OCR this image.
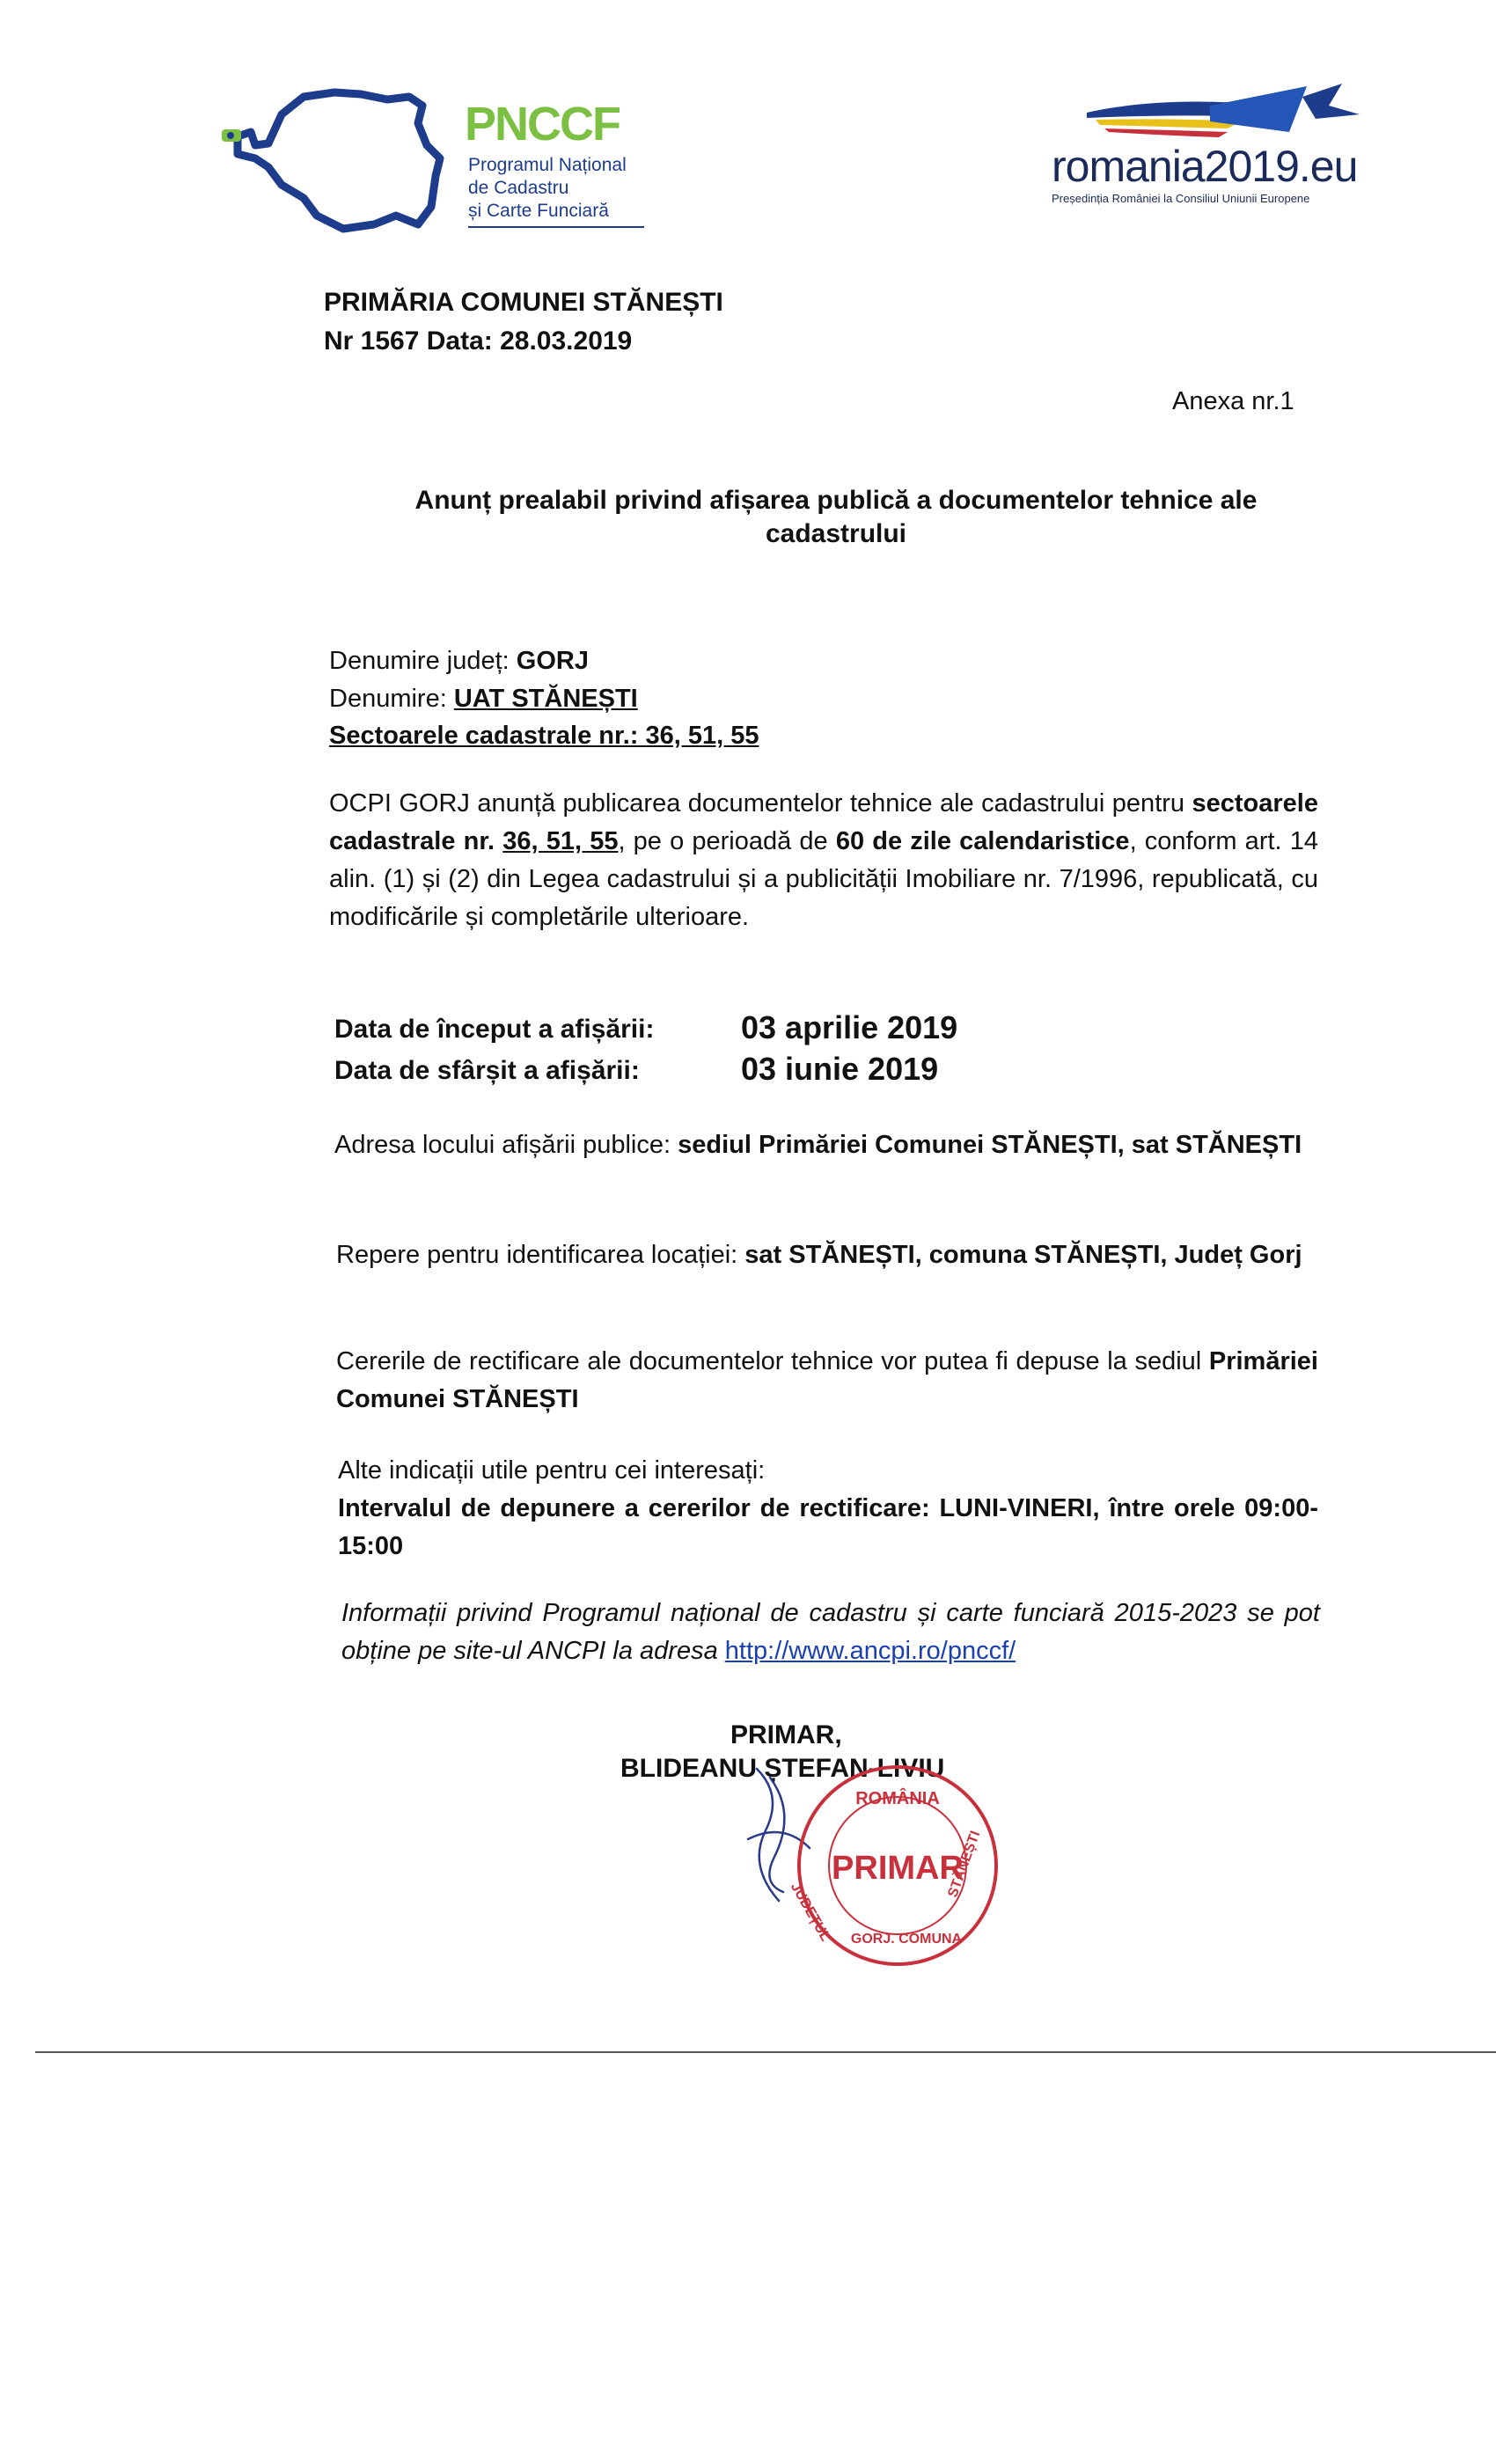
PNCCF
Programul Național
de Cadastru
și Carte Funciară
romania2019.eu
Președinția României la Consiliul Uniunii Europene
PRIMĂRIA COMUNEI STĂNEȘTI
Nr 1567 Data: 28.03.2019
Anexa nr.1
Anunț prealabil privind afișarea publică a documentelor tehnice ale cadastrului
Denumire județ: GORJ
Denumire: UAT STĂNEȘTI
Sectoarele cadastrale nr.: 36, 51, 55
OCPI GORJ anunță publicarea documentelor tehnice ale cadastrului pentru sectoarele cadastrale nr. 36, 51, 55, pe o perioadă de 60 de zile calendaristice, conform art. 14 alin. (1) și (2) din Legea cadastrului și a publicității Imobiliare nr. 7/1996, republicată, cu modificările și completările ulterioare.
Data de început a afișării:	03 aprilie 2019
Data de sfârșit a afișării:	03 iunie 2019
Adresa locului afișării publice: sediul Primăriei Comunei STĂNEȘTI, sat STĂNEȘTI
Repere pentru identificarea locației: sat STĂNEȘTI, comuna STĂNEȘTI, Județ Gorj
Cererile de rectificare ale documentelor tehnice vor putea fi depuse la sediul Primăriei Comunei STĂNEȘTI
Alte indicații utile pentru cei interesați:
Intervalul de depunere a cererilor de rectificare: LUNI-VINERI, între orele 09:00-15:00
Informații privind Programul național de cadastru și carte funciară 2015-2023 se pot obține pe site-ul ANCPI la adresa http://www.ancpi.ro/pnccf/
PRIMAR,
BLIDEANU ȘTEFAN-LIVIU
ROMÂNIA
PRIMAR
JUDEȚUL GORJ. COMUNA
STĂNEȘTI
